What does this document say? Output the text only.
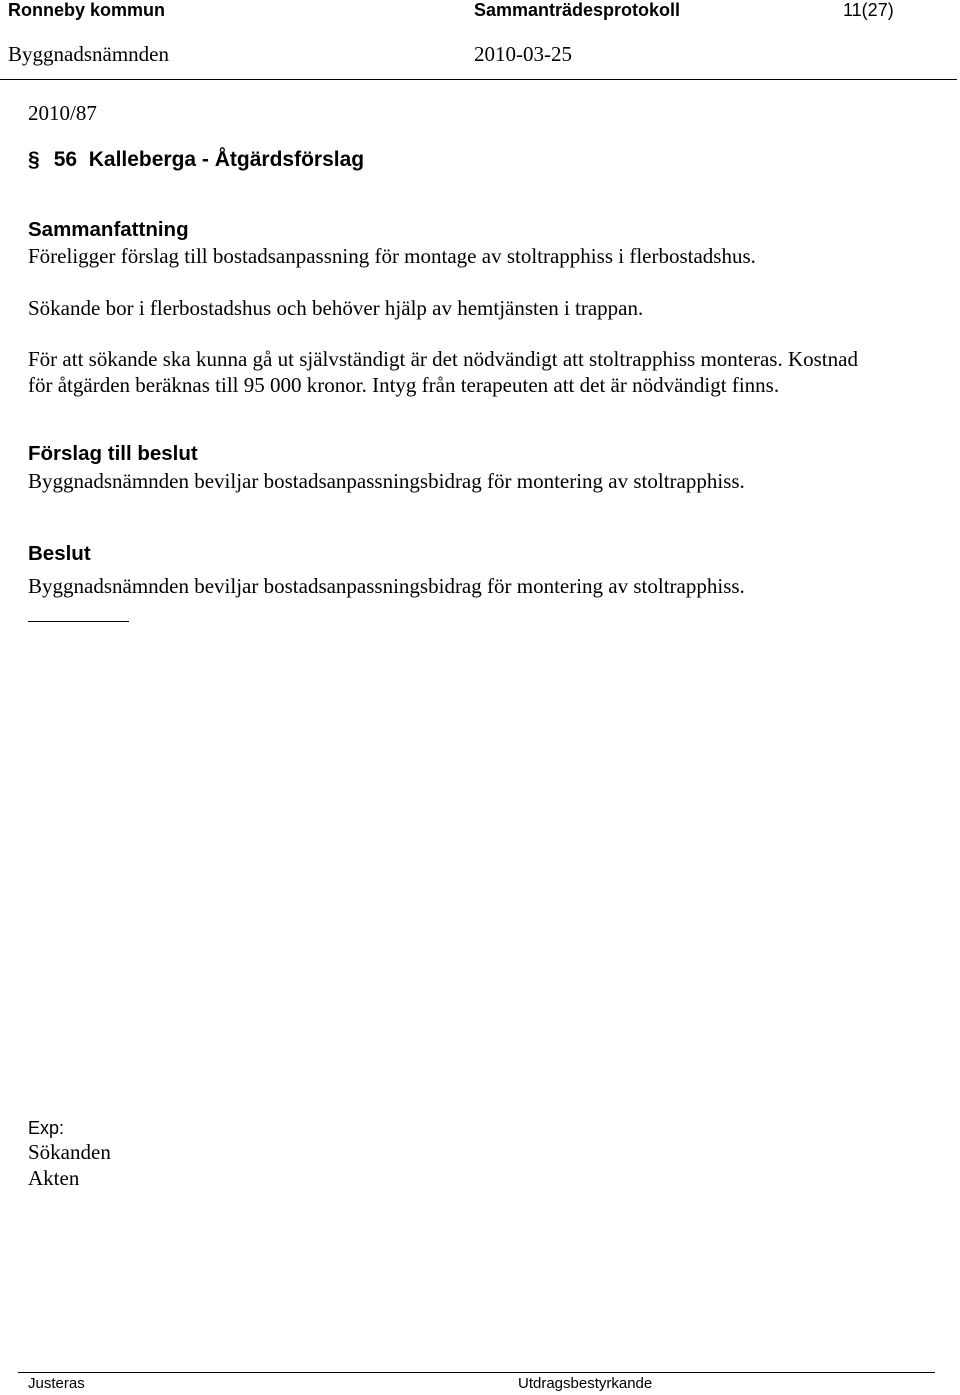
Ronneby kommun	Sammanträdesprotokoll	11(27)
Byggnadsnämnden	2010-03-25
2010/87
§ 56 Kalleberga - Åtgärdsförslag
Sammanfattning
Föreligger förslag till bostadsanpassning för montage av stoltrapphiss i flerbostadshus.
Sökande bor i flerbostadshus och behöver hjälp av hemtjänsten i trappan.
För att sökande ska kunna gå ut självständigt är det nödvändigt att stoltrapphiss monteras. Kostnad
för åtgärden beräknas till 95 000 kronor. Intyg från terapeuten att det är nödvändigt finns.
Förslag till beslut
Byggnadsnämnden beviljar bostadsanpassningsbidrag för montering av stoltrapphiss.
Beslut
Byggnadsnämnden beviljar bostadsanpassningsbidrag för montering av stoltrapphiss.
Exp:
Sökanden
Akten
Justeras	Utdragsbestyrkande
